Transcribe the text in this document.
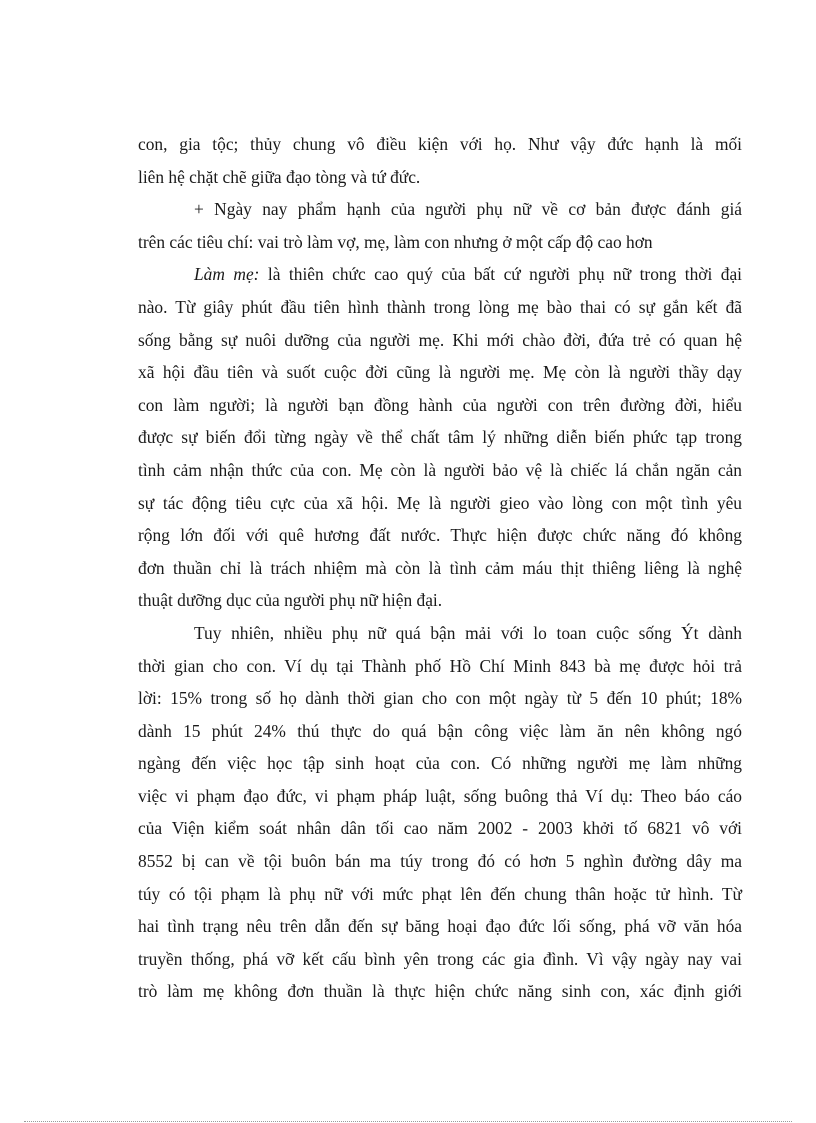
con, gia tộc; thủy chung vô điều kiện với họ. Như vậy đức hạnh là mối
liên hệ chặt chẽ giữa đạo tòng và tứ đức.
+ Ngày nay phẩm hạnh của người phụ nữ về cơ bản được đánh giá
trên các tiêu chí: vai trò làm vợ, mẹ, làm con nhưng ở một cấp độ cao hơn
Làm mẹ: là thiên chức cao quý của bất cứ người phụ nữ trong thời đại
nào. Từ giây phút đầu tiên hình thành trong lòng mẹ bào thai có sự gắn kết đã
sống bằng sự nuôi dưỡng của người mẹ. Khi mới chào đời, đứa trẻ có quan hệ
xã hội đầu tiên và suốt cuộc đời cũng là người mẹ. Mẹ còn là người thầy dạy
con làm người; là người bạn đồng hành của người con trên đường đời, hiểu
được sự biến đổi từng ngày về thể chất tâm lý những diễn biến phức tạp trong
tình cảm nhận thức của con. Mẹ còn là người bảo vệ là chiếc lá chắn ngăn cản
sự tác động tiêu cực của xã hội. Mẹ là người gieo vào lòng con một tình yêu
rộng lớn đối với quê hương đất nước. Thực hiện được chức năng đó không
đơn thuần chỉ là trách nhiệm mà còn là tình cảm máu thịt thiêng liêng là nghệ
thuật dưỡng dục của người phụ nữ hiện đại.
Tuy nhiên, nhiều phụ nữ quá bận mải với lo toan cuộc sống Ýt dành
thời gian cho con. Ví dụ tại Thành phố Hồ Chí Minh 843 bà mẹ được hỏi trả
lời: 15% trong số họ dành thời gian cho con một ngày từ 5 đến 10 phút; 18%
dành 15 phút 24% thú thực do quá bận công việc làm ăn nên không ngó
ngàng đến việc học tập sinh hoạt của con. Có những người mẹ làm những
việc vi phạm đạo đức, vi phạm pháp luật, sống buông thả Ví dụ: Theo báo cáo
của Viện kiểm soát nhân dân tối cao năm 2002 - 2003 khởi tố 6821 vô với
8552 bị can về tội buôn bán ma túy trong đó có hơn 5 nghìn đường dây ma
túy có tội phạm là phụ nữ với mức phạt lên đến chung thân hoặc tử hình. Từ
hai tình trạng nêu trên dẫn đến sự băng hoại đạo đức lối sống, phá vỡ văn hóa
truyền thống, phá vỡ kết cấu bình yên trong các gia đình. Vì vậy ngày nay vai
trò làm mẹ không đơn thuần là thực hiện chức năng sinh con, xác định giới
